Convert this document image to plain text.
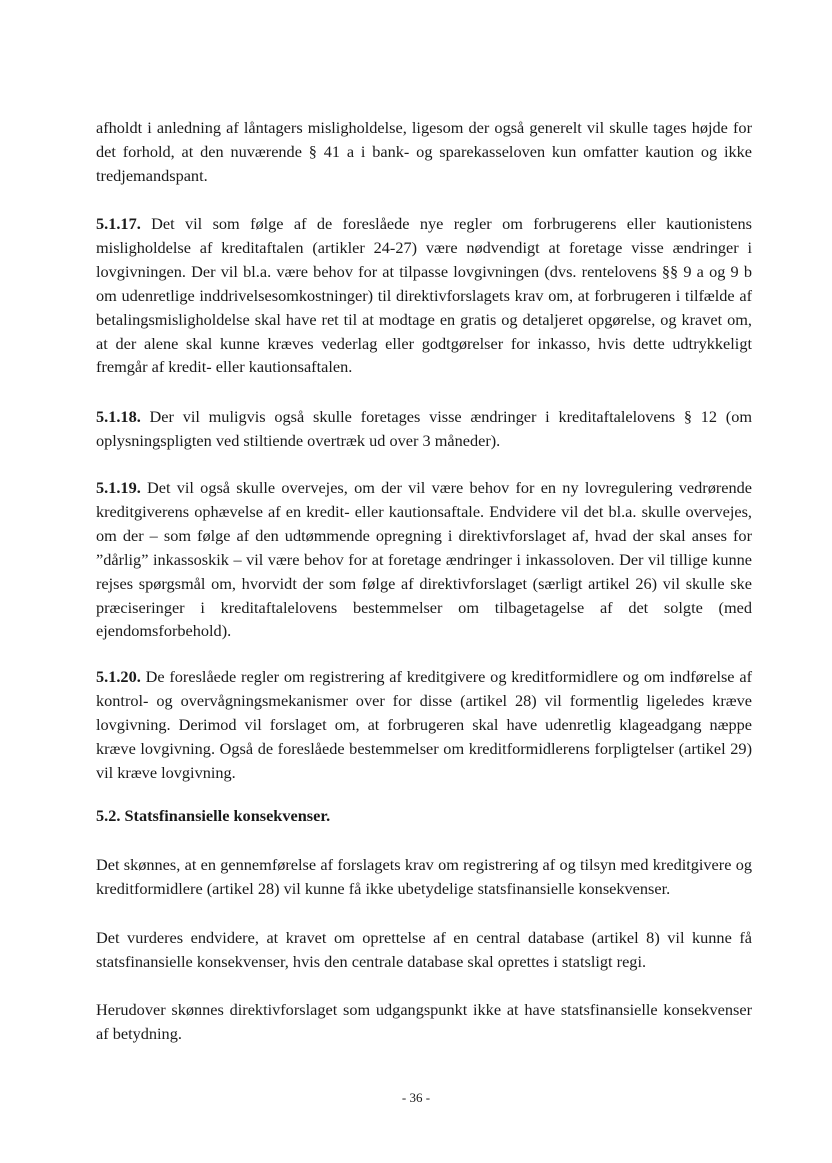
afholdt i anledning af låntagers misligholdelse, ligesom der også generelt vil skulle tages højde for det forhold, at den nuværende § 41 a i bank- og sparekasseloven kun omfatter kaution og ikke tredjemandspant.

5.1.17. Det vil som følge af de foreslåede nye regler om forbrugerens eller kautionistens misligholdelse af kreditaftalen (artikler 24-27) være nødvendigt at foretage visse ændringer i lovgivningen. Der vil bl.a. være behov for at tilpasse lovgivningen (dvs. rentelovens §§ 9 a og 9 b om udenretlige inddrivelsesomkostninger) til direktivforslagets krav om, at forbrugeren i tilfælde af betalingsmisligholdelse skal have ret til at modtage en gratis og detaljeret opgørelse, og kravet om, at der alene skal kunne kræves vederlag eller godtgørelser for inkasso, hvis dette udtrykkeligt fremgår af kredit- eller kautionsaftalen.

5.1.18. Der vil muligvis også skulle foretages visse ændringer i kreditaftalelovens § 12 (om oplysningspligten ved stiltiende overtræk ud over 3 måneder).

5.1.19. Det vil også skulle overvejes, om der vil være behov for en ny lovregulering vedrørende kreditgiverens ophævelse af en kredit- eller kautionsaftale. Endvidere vil det bl.a. skulle overvejes, om der – som følge af den udtømmende opregning i direktivforslaget af, hvad der skal anses for ”dårlig” inkassoskik – vil være behov for at foretage ændringer i inkassoloven. Der vil tillige kunne rejses spørgsmål om, hvorvidt der som følge af direktivforslaget (særligt artikel 26) vil skulle ske præciseringer i kreditaftalelovens bestemmelser om tilbagetagelse af det solgte (med ejendomsforbehold).

5.1.20. De foreslåede regler om registrering af kreditgivere og kreditformidlere og om indførelse af kontrol- og overvågningsmekanismer over for disse (artikel 28) vil formentlig ligeledes kræve lovgivning. Derimod vil forslaget om, at forbrugeren skal have udenretlig klageadgang næppe kræve lovgivning. Også de foreslåede bestemmelser om kreditformidlerens forpligtelser (artikel 29) vil kræve lovgivning.

5.2. Statsfinansielle konsekvenser.

Det skønnes, at en gennemførelse af forslagets krav om registrering af og tilsyn med kreditgivere og kreditformidlere (artikel 28) vil kunne få ikke ubetydelige statsfinansielle konsekvenser.

Det vurderes endvidere, at kravet om oprettelse af en central database (artikel 8) vil kunne få statsfinansielle konsekvenser, hvis den centrale database skal oprettes i statsligt regi.

Herudover skønnes direktivforslaget som udgangspunkt ikke at have statsfinansielle konsekvenser af betydning.

- 36 -
